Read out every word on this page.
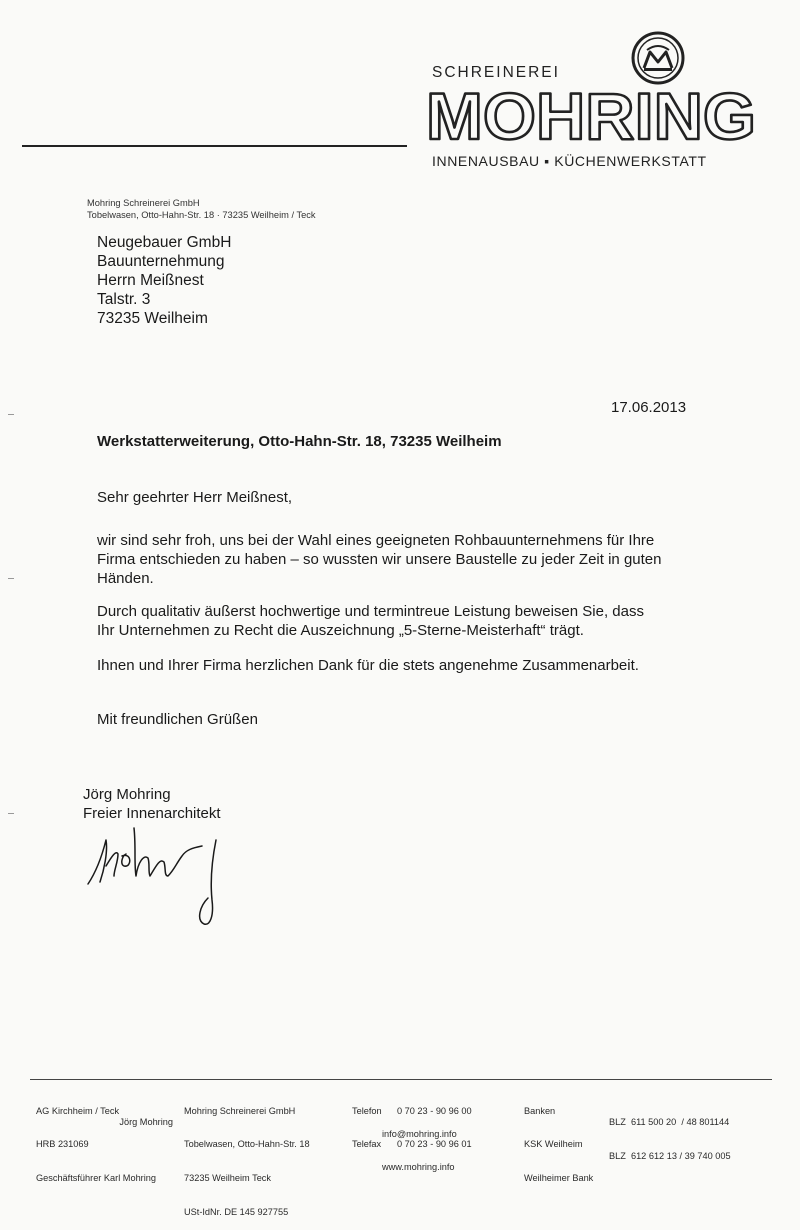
SCHREINEREI
MOHRING
INNENAUSBAU ▪ KÜCHENWERKSTATT
Mohring Schreinerei GmbH
Tobelwasen, Otto-Hahn-Str. 18 · 73235 Weilheim / Teck
Neugebauer GmbH
Bauunternehmung
Herrn Meißnest
Talstr. 3
73235 Weilheim
17.06.2013
Werkstatterweiterung, Otto-Hahn-Str. 18, 73235 Weilheim
Sehr geehrter Herr Meißnest,

wir sind sehr froh, uns bei der Wahl eines geeigneten Rohbauunternehmens für Ihre

Firma entschieden zu haben – so wussten wir unsere Baustelle zu jeder Zeit in guten

Händen.

Durch qualitativ äußerst hochwertige und termintreue Leistung beweisen Sie, dass

Ihr Unternehmen zu Recht die Auszeichnung „5-Sterne-Meisterhaft“ trägt.

Ihnen und Ihrer Firma herzlichen Dank für die stets angenehme Zusammenarbeit.

Mit freundlichen Grüßen
Jörg Mohring
Freier Innenarchitekt

AG Kirchheim / Teck

HRB 231069

Geschäftsführer Karl Mohring

Jörg Mohring

Mohring Schreinerei GmbH

Tobelwasen, Otto-Hahn-Str. 18

73235 Weilheim Teck

USt-IdNr. DE 145 927755

Telefon

Telefax

0 70 23 - 90 96 00

0 70 23 - 90 96 01

info@mohring.info

www.mohring.info

Banken

KSK Weilheim

Weilheimer Bank

BLZ  611 500 20  / 48 801144

BLZ  612 612 13 / 39 740 005
